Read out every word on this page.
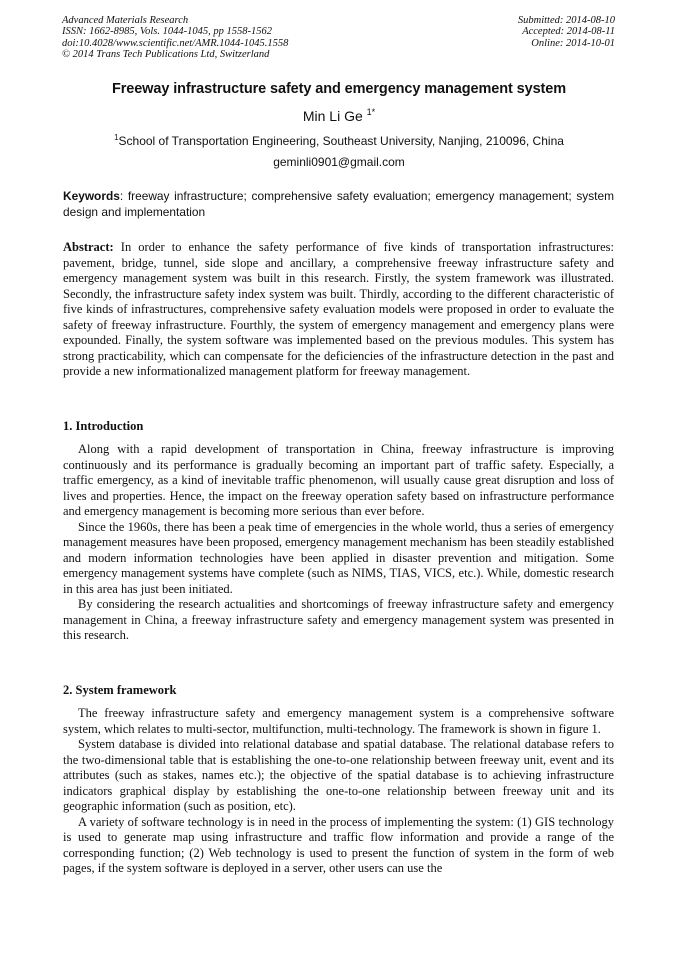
Advanced Materials Research
ISSN: 1662-8985, Vols. 1044-1045, pp 1558-1562
doi:10.4028/www.scientific.net/AMR.1044-1045.1558
© 2014 Trans Tech Publications Ltd, Switzerland
Submitted: 2014-08-10
Accepted: 2014-08-11
Online: 2014-10-01
Freeway infrastructure safety and emergency management system
Min Li Ge $^{1*}$
$^1$School of Transportation Engineering, Southeast University, Nanjing, 210096, China
geminli0901@gmail.com
Keywords: freeway infrastructure; comprehensive safety evaluation; emergency management; system design and implementation
Abstract: In order to enhance the safety performance of five kinds of transportation infrastructures: pavement, bridge, tunnel, side slope and ancillary, a comprehensive freeway infrastructure safety and emergency management system was built in this research. Firstly, the system framework was illustrated. Secondly, the infrastructure safety index system was built. Thirdly, according to the different characteristic of five kinds of infrastructures, comprehensive safety evaluation models were proposed in order to evaluate the safety of freeway infrastructure. Fourthly, the system of emergency management and emergency plans were expounded. Finally, the system software was implemented based on the previous modules. This system has strong practicability, which can compensate for the deficiencies of the infrastructure detection in the past and provide a new informationalized management platform for freeway management.
1. Introduction

Along with a rapid development of transportation in China, freeway infrastructure is improving continuously and its performance is gradually becoming an important part of traffic safety. Especially, a traffic emergency, as a kind of inevitable traffic phenomenon, will usually cause great disruption and loss of lives and properties. Hence, the impact on the freeway operation safety based on infrastructure performance and emergency management is becoming more serious than ever before.

Since the 1960s, there has been a peak time of emergencies in the whole world, thus a series of emergency management measures have been proposed, emergency management mechanism has been steadily established and modern information technologies have been applied in disaster prevention and mitigation. Some emergency management systems have complete (such as NIMS, TIAS, VICS, etc.). While, domestic research in this area has just been initiated.

By considering the research actualities and shortcomings of freeway infrastructure safety and emergency management in China, a freeway infrastructure safety and emergency management system was presented in this research.

2. System framework

The freeway infrastructure safety and emergency management system is a comprehensive software system, which relates to multi-sector, multifunction, multi-technology. The framework is shown in figure 1.

System database is divided into relational database and spatial database. The relational database refers to the two-dimensional table that is establishing the one-to-one relationship between freeway unit, event and its attributes (such as stakes, names etc.); the objective of the spatial database is to achieving infrastructure indicators graphical display by establishing the one-to-one relationship between freeway unit and its geographic information (such as position, etc).

A variety of software technology is in need in the process of implementing the system: (1) GIS technology is used to generate map using infrastructure and traffic flow information and provide a range of the corresponding function; (2) Web technology is used to present the function of system in the form of web pages, if the system software is deployed in a server, other users can use the
